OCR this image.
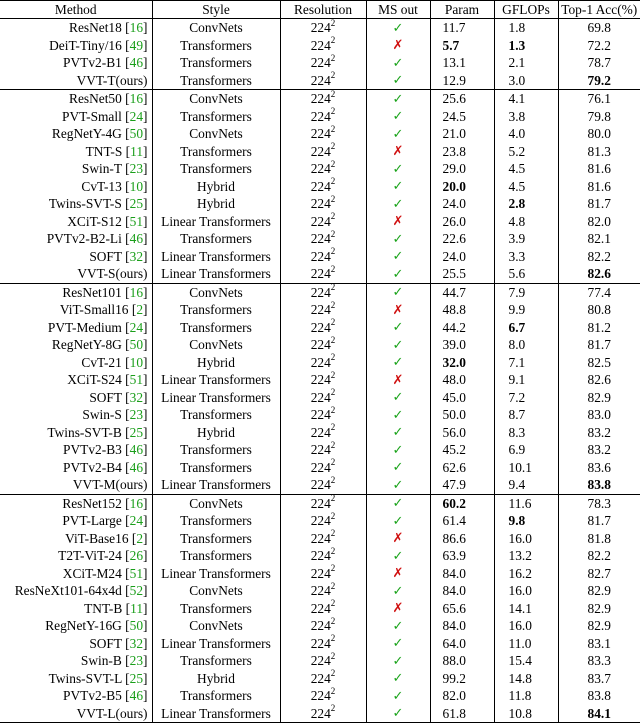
Method	Style	Resolution	MS out	Param	GFLOPs	Top-1 Acc(%)
ResNet18 [16]	ConvNets	$224^2$	✓	11.7	1.8	69.8
DeiT-Tiny/16 [49]	Transformers	$224^2$	✗	5.7	1.3	72.2
PVTv2-B1 [46]	Transformers	$224^2$	✓	13.1	2.1	78.7
VVT-T(ours)	Transformers	$224^2$	✓	12.9	3.0	79.2
ResNet50 [16]	ConvNets	$224^2$	✓	25.6	4.1	76.1
PVT-Small [24]	Transformers	$224^2$	✓	24.5	3.8	79.8
RegNetY-4G [50]	ConvNets	$224^2$	✓	21.0	4.0	80.0
TNT-S [11]	Transformers	$224^2$	✗	23.8	5.2	81.3
Swin-T [23]	Transformers	$224^2$	✓	29.0	4.5	81.6
CvT-13 [10]	Hybrid	$224^2$	✓	20.0	4.5	81.6
Twins-SVT-S [25]	Hybrid	$224^2$	✓	24.0	2.8	81.7
XCiT-S12 [51]	Linear Transformers	$224^2$	✗	26.0	4.8	82.0
PVTv2-B2-Li [46]	Transformers	$224^2$	✓	22.6	3.9	82.1
SOFT [32]	Linear Transformers	$224^2$	✓	24.0	3.3	82.2
VVT-S(ours)	Linear Transformers	$224^2$	✓	25.5	5.6	82.6
ResNet101 [16]	ConvNets	$224^2$	✓	44.7	7.9	77.4
ViT-Small16 [2]	Transformers	$224^2$	✗	48.8	9.9	80.8
PVT-Medium [24]	Transformers	$224^2$	✓	44.2	6.7	81.2
RegNetY-8G [50]	ConvNets	$224^2$	✓	39.0	8.0	81.7
CvT-21 [10]	Hybrid	$224^2$	✓	32.0	7.1	82.5
XCiT-S24 [51]	Linear Transformers	$224^2$	✗	48.0	9.1	82.6
SOFT [32]	Linear Transformers	$224^2$	✓	45.0	7.2	82.9
Swin-S [23]	Transformers	$224^2$	✓	50.0	8.7	83.0
Twins-SVT-B [25]	Hybrid	$224^2$	✓	56.0	8.3	83.2
PVTv2-B3 [46]	Transformers	$224^2$	✓	45.2	6.9	83.2
PVTv2-B4 [46]	Transformers	$224^2$	✓	62.6	10.1	83.6
VVT-M(ours)	Linear Transformers	$224^2$	✓	47.9	9.4	83.8
ResNet152 [16]	ConvNets	$224^2$	✓	60.2	11.6	78.3
PVT-Large [24]	Transformers	$224^2$	✓	61.4	9.8	81.7
ViT-Base16 [2]	Transformers	$224^2$	✗	86.6	16.0	81.8
T2T-ViT-24 [26]	Transformers	$224^2$	✓	63.9	13.2	82.2
XCiT-M24 [51]	Linear Transformers	$224^2$	✗	84.0	16.2	82.7
ResNeXt101-64x4d [52]	ConvNets	$224^2$	✓	84.0	16.0	82.9
TNT-B [11]	Transformers	$224^2$	✗	65.6	14.1	82.9
RegNetY-16G [50]	ConvNets	$224^2$	✓	84.0	16.0	82.9
SOFT [32]	Linear Transformers	$224^2$	✓	64.0	11.0	83.1
Swin-B [23]	Transformers	$224^2$	✓	88.0	15.4	83.3
Twins-SVT-L [25]	Hybrid	$224^2$	✓	99.2	14.8	83.7
PVTv2-B5 [46]	Transformers	$224^2$	✓	82.0	11.8	83.8
VVT-L(ours)	Linear Transformers	$224^2$	✓	61.8	10.8	84.1
